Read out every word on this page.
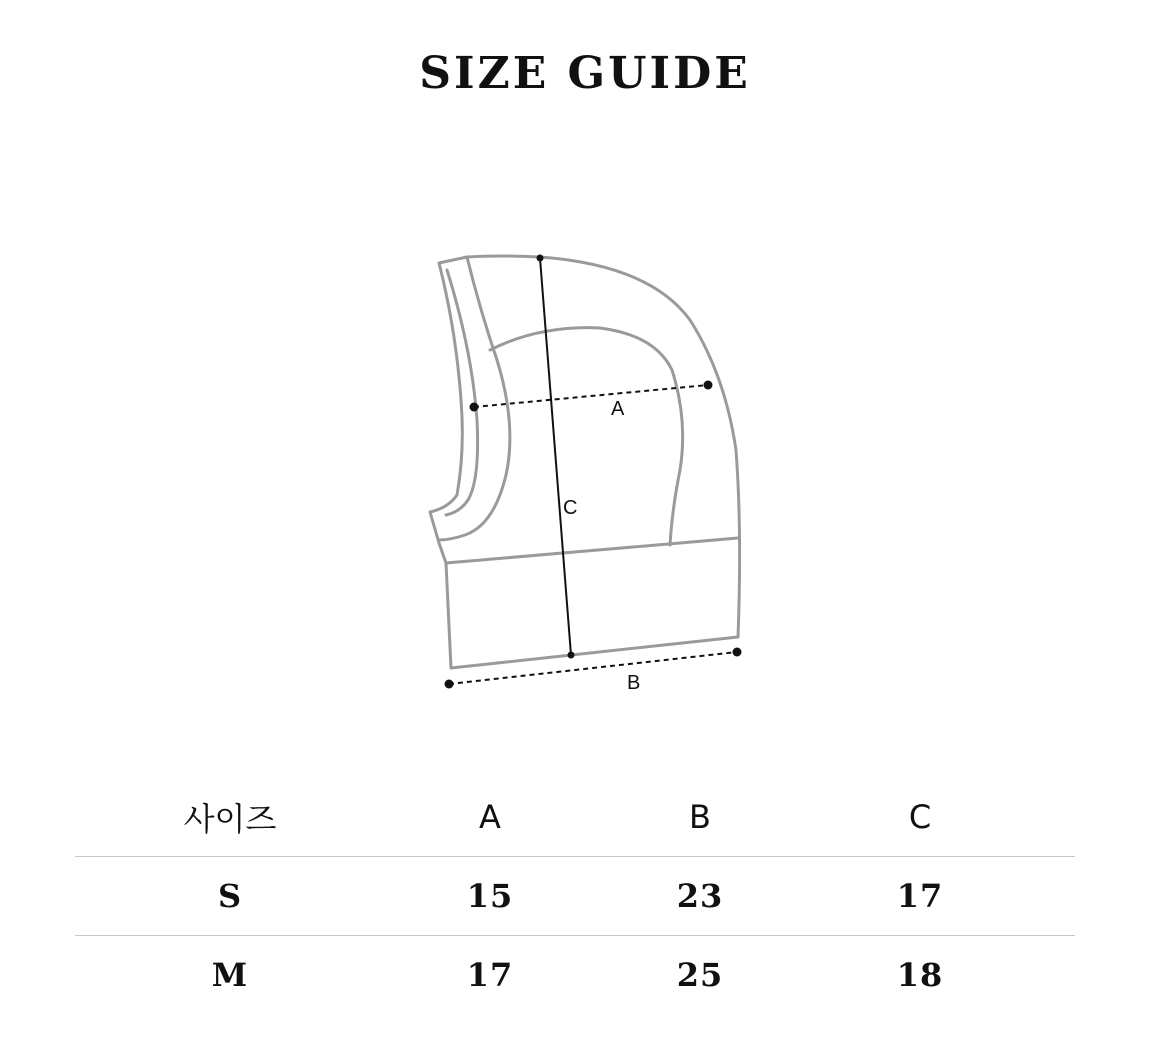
SIZE GUIDE
C
A
B
사이즈	A	B	C
S	15	23	17
M	17	25	18
